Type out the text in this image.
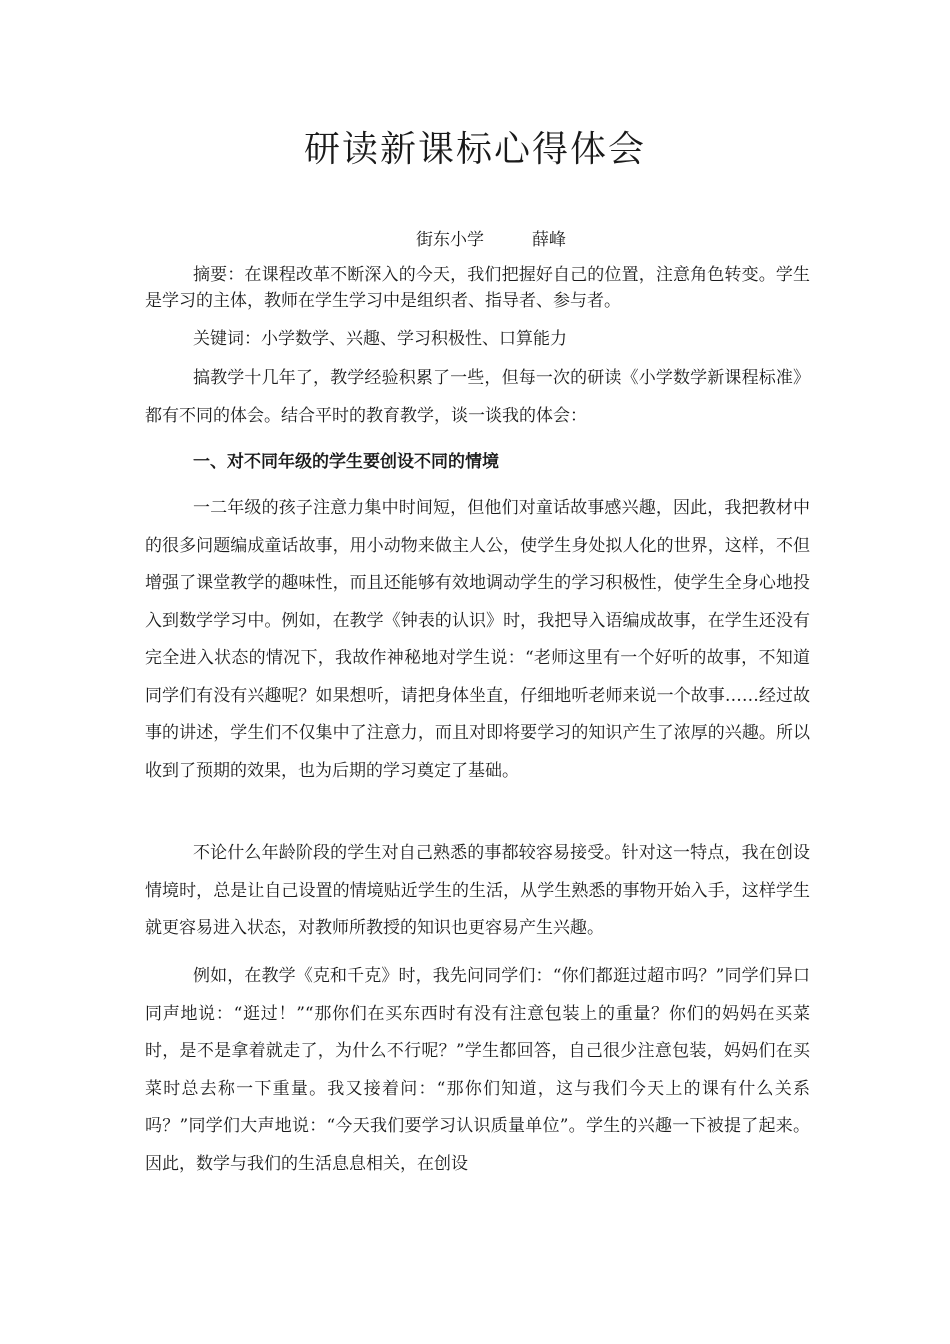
研读新课标心得体会
街东小学	薛峰

摘要：在课程改革不断深入的今天，我们把握好自己的位置，注意角色转变。学生是学习的主体，教师在学生学习中是组织者、指导者、参与者。

关键词：小学数学、兴趣、学习积极性、口算能力

搞教学十几年了，教学经验积累了一些，但每一次的研读《小学数学新课程标准》都有不同的体会。结合平时的教育教学，谈一谈我的体会：

一、对不同年级的学生要创设不同的情境

一二年级的孩子注意力集中时间短，但他们对童话故事感兴趣，因此，我把教材中的很多问题编成童话故事，用小动物来做主人公，使学生身处拟人化的世界，这样，不但增强了课堂教学的趣味性，而且还能够有效地调动学生的学习积极性，使学生全身心地投入到数学学习中。例如，在教学《钟表的认识》时，我把导入语编成故事，在学生还没有完全进入状态的情况下，我故作神秘地对学生说：“老师这里有一个好听的故事，不知道同学们有没有兴趣呢？如果想听，请把身体坐直，仔细地听老师来说一个故事……经过故事的讲述，学生们不仅集中了注意力，而且对即将要学习的知识产生了浓厚的兴趣。所以收到了预期的效果，也为后期的学习奠定了基础。

不论什么年龄阶段的学生对自己熟悉的事都较容易接受。针对这一特点，我在创设情境时，总是让自己设置的情境贴近学生的生活，从学生熟悉的事物开始入手，这样学生就更容易进入状态，对教师所教授的知识也更容易产生兴趣。

例如，在教学《克和千克》时，我先问同学们：“你们都逛过超市吗？”同学们异口同声地说：“逛过！”“那你们在买东西时有没有注意包装上的重量？你们的妈妈在买菜时，是不是拿着就走了，为什么不行呢？”学生都回答，自己很少注意包装，妈妈们在买菜时总去称一下重量。我又接着问：“那你们知道，这与我们今天上的课有什么关系吗？”同学们大声地说：“今天我们要学习认识质量单位”。学生的兴趣一下被提了起来。因此，数学与我们的生活息息相关，在创设
